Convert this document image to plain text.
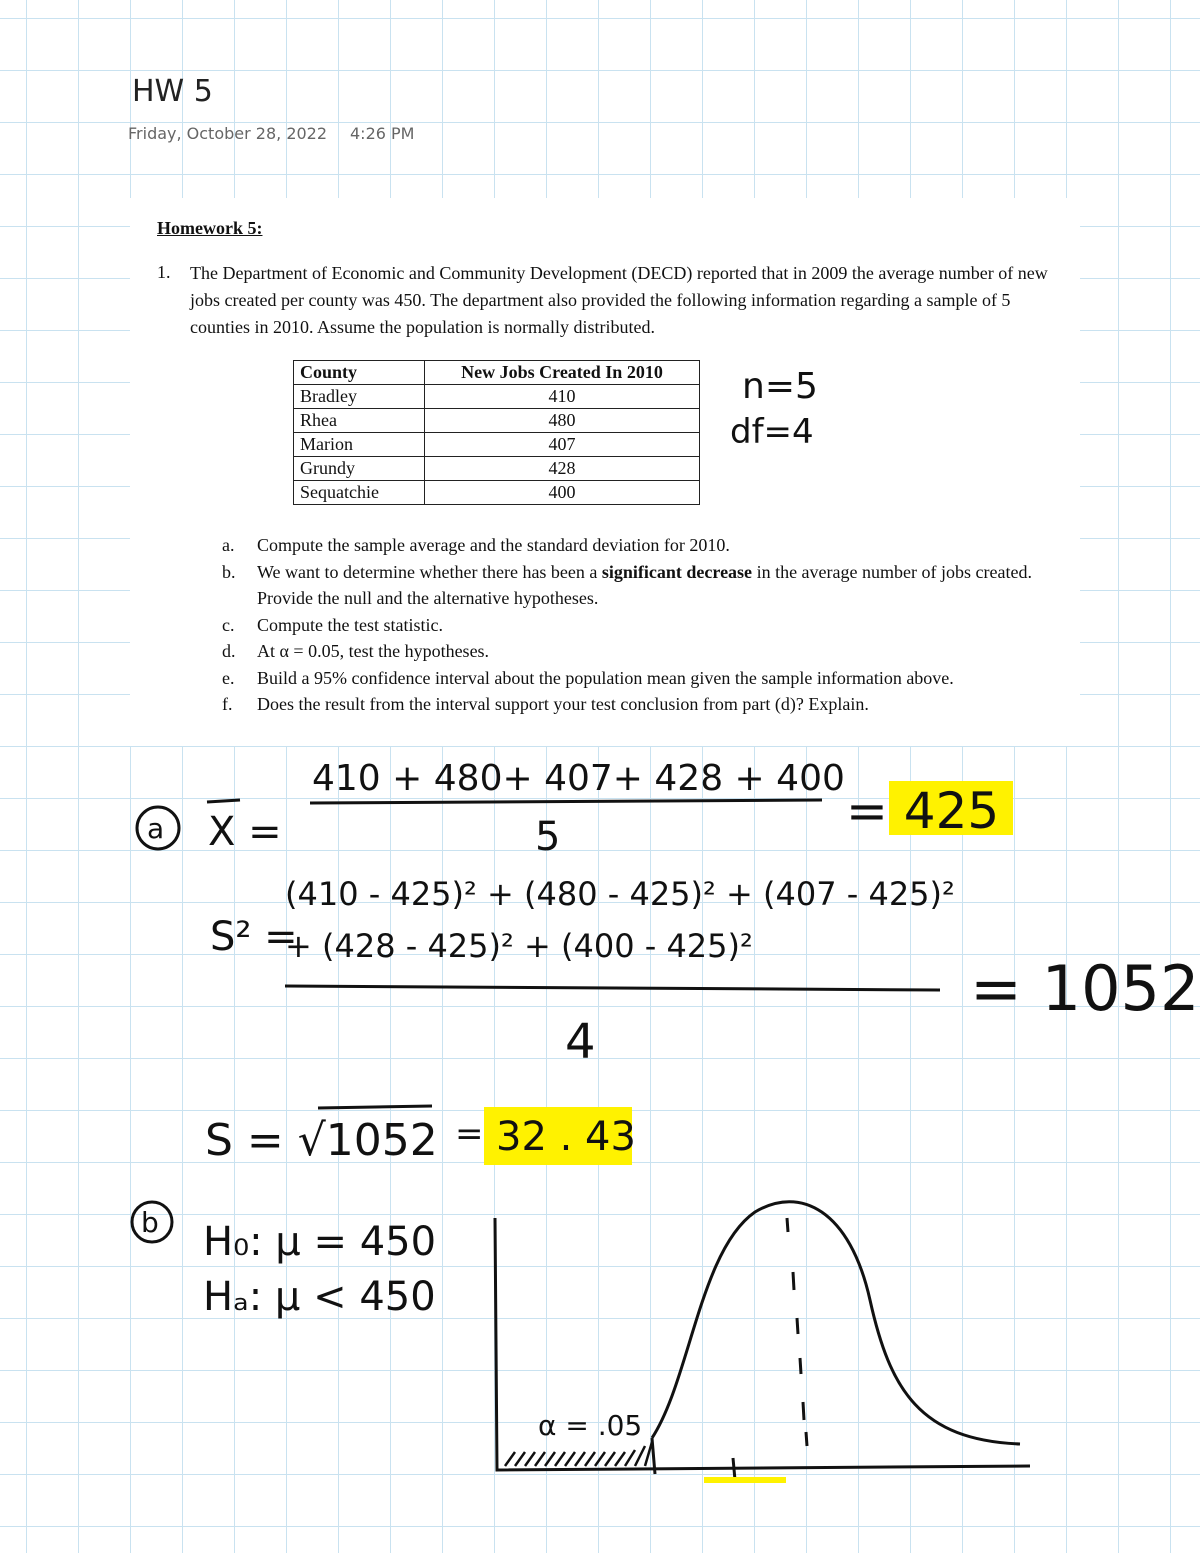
HW 5
Friday, October 28, 2022 4:26 PM
Homework 5:
1. The Department of Economic and Community Development (DECD) reported that in 2009 the average number of new jobs created per county was 450. The department also provided the following information regarding a sample of 5 counties in 2010. Assume the population is normally distributed.

County	New Jobs Created In 2010
Bradley	410
Rhea	480
Marion	407
Grundy	428
Sequatchie	400
a. Compute the sample average and the standard deviation for 2010.
b. We want to determine whether there has been a significant decrease in the average number of jobs created. Provide the null and the alternative hypotheses.
c. Compute the test statistic.
d. At α = 0.05, test the hypotheses.
e. Build a 95% confidence interval about the population mean given the sample information above.
f. Does the result from the interval support your test conclusion from part (d)? Explain.
n=5
df=4
a X =
410 + 480+ 407+ 428 + 400
5	= 425
S² =
(410 - 425)² + (480 - 425)² + (407 - 425)²
+ (428 - 425)² + (400 - 425)²
4
= 1052
S = √1052 = 32 . 43
b H₀: μ = 450
Hₐ: μ < 450
α = .05
